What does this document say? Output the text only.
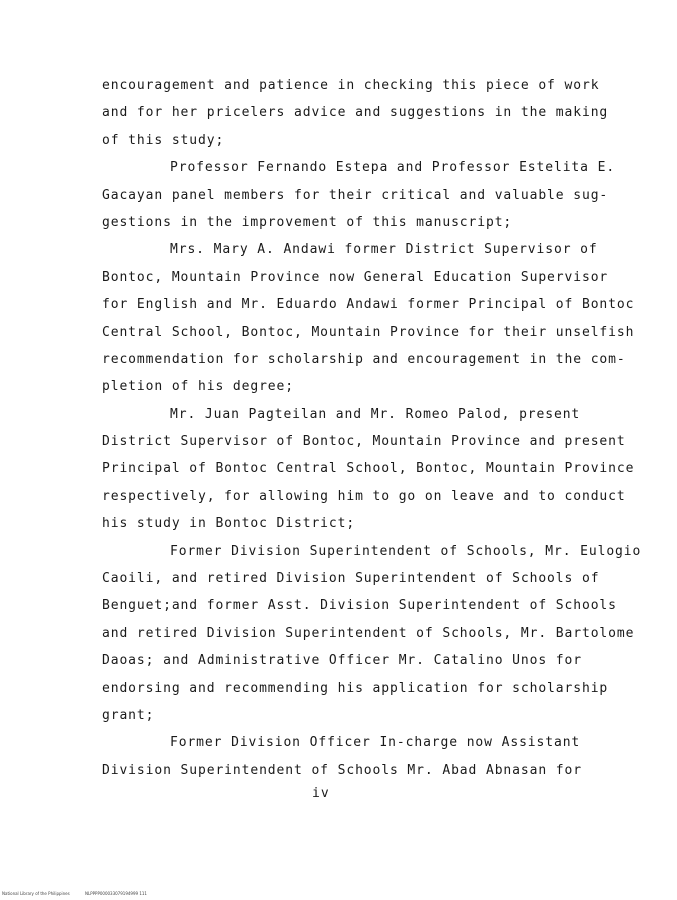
encouragement and patience in checking this piece of work
and for her pricelers advice and suggestions in the making
of this study;
Professor Fernando Estepa and Professor Estelita E.
Gacayan panel members for their critical and valuable sug-
gestions in the improvement of this manuscript;
Mrs. Mary A. Andawi former District Supervisor of
Bontoc, Mountain Province now General Education Supervisor
for English and Mr. Eduardo Andawi former Principal of Bontoc
Central School, Bontoc, Mountain Province for their unselfish
recommendation for scholarship and encouragement in the com-
pletion of his degree;
Mr. Juan Pagteilan and Mr. Romeo Palod, present
District Supervisor of Bontoc, Mountain Province and present
Principal of Bontoc Central School, Bontoc, Mountain Province
respectively, for allowing him to go on leave and to conduct
his study in Bontoc District;
Former Division Superintendent of Schools, Mr. Eulogio
Caoili, and retired Division Superintendent of Schools of
Benguet;and former Asst. Division Superintendent of Schools
and retired Division Superintendent of Schools, Mr. Bartolome
Daoas; and Administrative Officer Mr. Catalino Unos for
endorsing and recommending his application for scholarship
grant;
Former Division Officer In-charge now Assistant
Division Superintendent of Schools Mr. Abad Abnasan for
iv
National Library of the Philippines	NLPPPP000033079194999 111
